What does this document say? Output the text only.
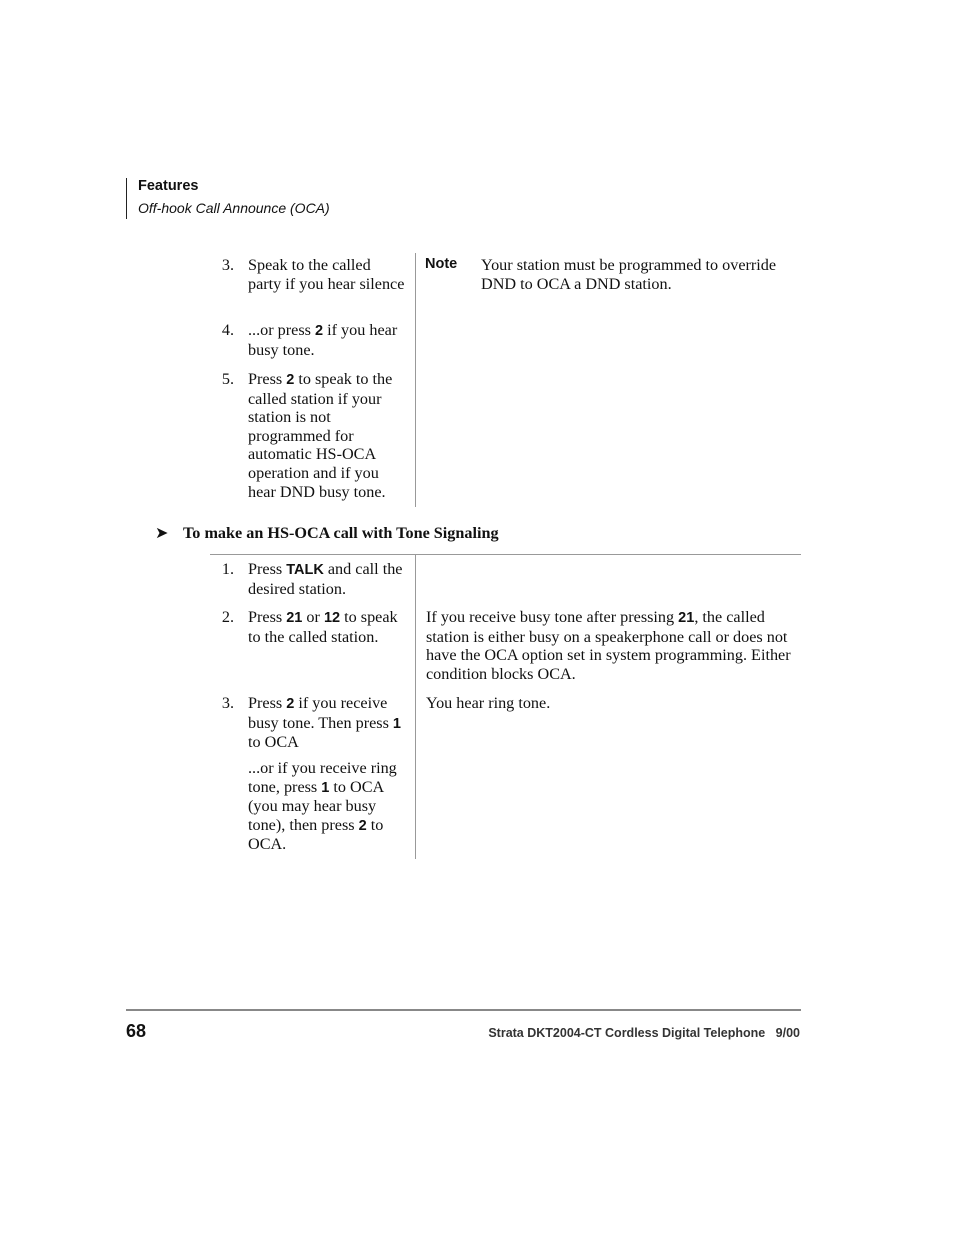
Features
Off-hook Call Announce (OCA)
3. Speak to the called party if you hear silence
4. ...or press 2 if you hear busy tone.
5. Press 2 to speak to the called station if your station is not programmed for automatic HS-OCA operation and if you hear DND busy tone.
Note Your station must be programmed to override DND to OCA a DND station.
➤ To make an HS-OCA call with Tone Signaling
1. Press TALK and call the desired station.
2. Press 21 or 12 to speak to the called station.
If you receive busy tone after pressing 21, the called station is either busy on a speakerphone call or does not have the OCA option set in system programming. Either condition blocks OCA.
3. Press 2 if you receive busy tone. Then press 1 to OCA
You hear ring tone.
...or if you receive ring tone, press 1 to OCA (you may hear busy tone), then press 2 to OCA.
68	Strata DKT2004-CT Cordless Digital Telephone   9/00
